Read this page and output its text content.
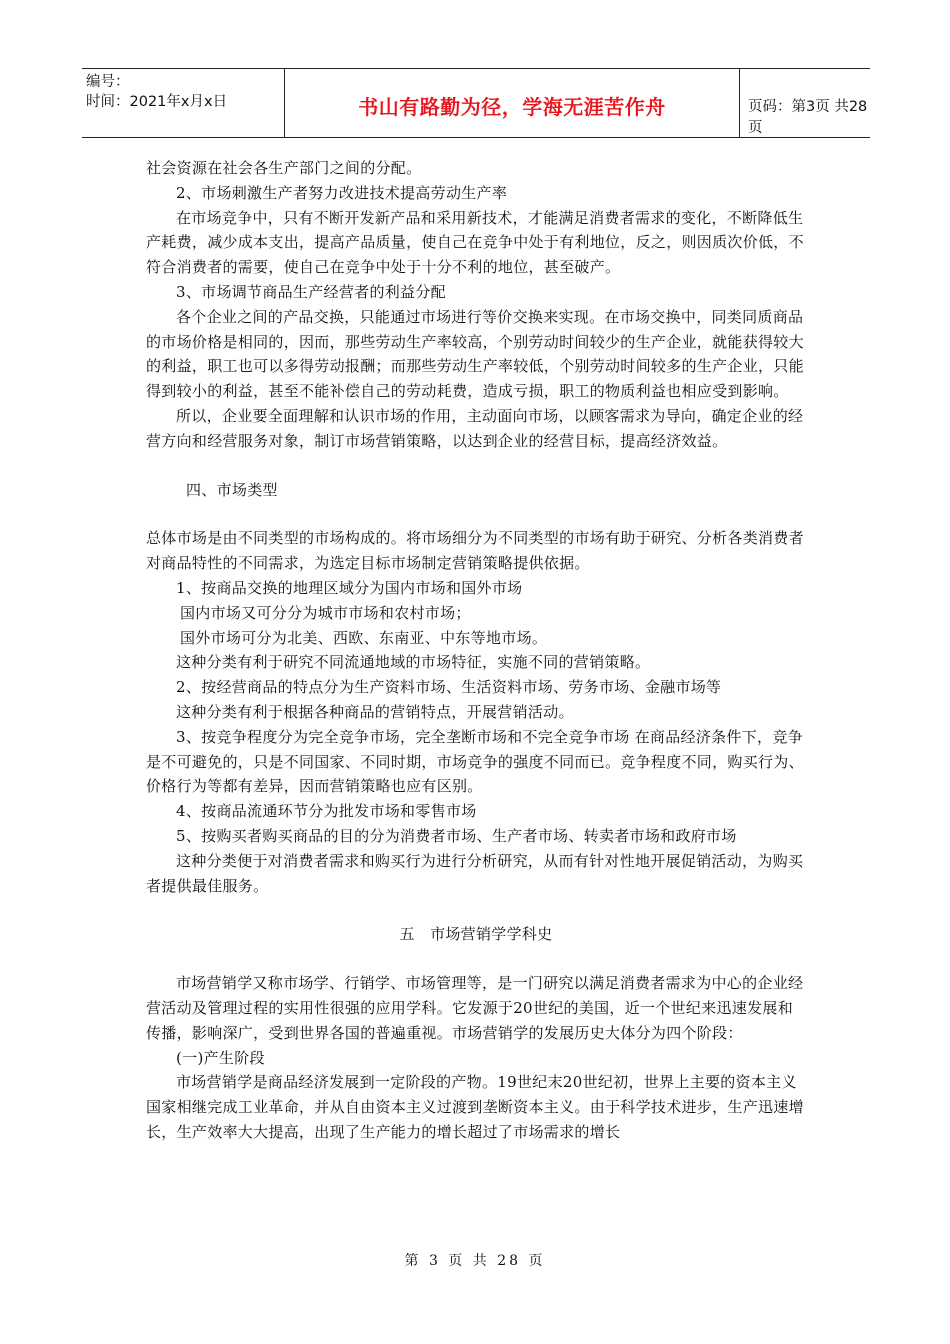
编号：
时间：2021年x月x日	书山有路勤为径，学海无涯苦作舟	页码：第3页 共28页

社会资源在社会各生产部门之间的分配。

2、市场刺激生产者努力改进技术提高劳动生产率

在市场竞争中，只有不断开发新产品和采用新技术，才能满足消费者需求的变化，不断降低生产耗费，减少成本支出，提高产品质量，使自己在竞争中处于有利地位，反之，则因质次价低，不符合消费者的需要，使自己在竞争中处于十分不利的地位，甚至破产。

3、市场调节商品生产经营者的利益分配

各个企业之间的产品交换，只能通过市场进行等价交换来实现。在市场交换中，同类同质商品的市场价格是相同的，因而，那些劳动生产率较高，个别劳动时间较少的生产企业，就能获得较大的利益，职工也可以多得劳动报酬；而那些劳动生产率较低，个别劳动时间较多的生产企业，只能得到较小的利益，甚至不能补偿自己的劳动耗费，造成亏损，职工的物质利益也相应受到影响。

所以，企业要全面理解和认识市场的作用，主动面向市场，以顾客需求为导向，确定企业的经营方向和经营服务对象，制订市场营销策略，以达到企业的经营目标，提高经济效益。

四、市场类型

总体市场是由不同类型的市场构成的。将市场细分为不同类型的市场有助于研究、分析各类消费者对商品特性的不同需求，为选定目标市场制定营销策略提供依据。

1、按商品交换的地理区域分为国内市场和国外市场

国内市场又可分分为城市市场和农村市场；

国外市场可分为北美、西欧、东南亚、中东等地市场。

这种分类有利于研究不同流通地域的市场特征，实施不同的营销策略。

2、按经营商品的特点分为生产资料市场、生活资料市场、劳务市场、金融市场等

这种分类有利于根据各种商品的营销特点，开展营销活动。

3、按竞争程度分为完全竞争市场，完全垄断市场和不完全竞争市场 在商品经济条件下，竞争是不可避免的，只是不同国家、不同时期，市场竞争的强度不同而已。竞争程度不同，购买行为、价格行为等都有差异，因而营销策略也应有区别。

4、按商品流通环节分为批发市场和零售市场

5、按购买者购买商品的目的分为消费者市场、生产者市场、转卖者市场和政府市场

这种分类便于对消费者需求和购买行为进行分析研究，从而有针对性地开展促销活动，为购买者提供最佳服务。

五　市场营销学学科史

市场营销学又称市场学、行销学、市场管理等，是一门研究以满足消费者需求为中心的企业经营活动及管理过程的实用性很强的应用学科。它发源于20世纪的美国，近一个世纪来迅速发展和传播，影响深广，受到世界各国的普遍重视。市场营销学的发展历史大体分为四个阶段：

(一)产生阶段

市场营销学是商品经济发展到一定阶段的产物。19世纪末20世纪初，世界上主要的资本主义国家相继完成工业革命，并从自由资本主义过渡到垄断资本主义。由于科学技术进步，生产迅速增长，生产效率大大提高，出现了生产能力的增长超过了市场需求的增长

第 3 页 共 28 页
